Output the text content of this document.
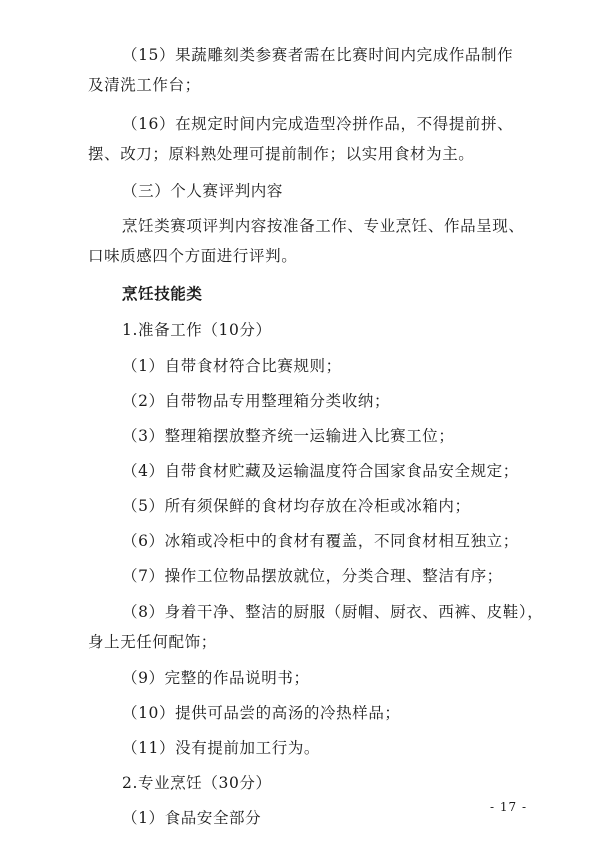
（15）果蔬雕刻类参赛者需在比赛时间内完成作品制作
及清洗工作台；
（16）在规定时间内完成造型冷拼作品，不得提前拼、
摆、改刀；原料熟处理可提前制作；以实用食材为主。
（三）个人赛评判内容
烹饪类赛项评判内容按准备工作、专业烹饪、作品呈现、
口味质感四个方面进行评判。
烹饪技能类
1.准备工作（10分）
（1）自带食材符合比赛规则；
（2）自带物品专用整理箱分类收纳；
（3）整理箱摆放整齐统一运输进入比赛工位；
（4）自带食材贮藏及运输温度符合国家食品安全规定；
（5）所有须保鲜的食材均存放在冷柜或冰箱内；
（6）冰箱或冷柜中的食材有覆盖，不同食材相互独立；
（7）操作工位物品摆放就位，分类合理、整洁有序；
（8）身着干净、整洁的厨服（厨帽、厨衣、西裤、皮鞋），
身上无任何配饰；
（9）完整的作品说明书；
（10）提供可品尝的高汤的冷热样品；
（11）没有提前加工行为。
2.专业烹饪（30分）
（1）食品安全部分
- 17 -
